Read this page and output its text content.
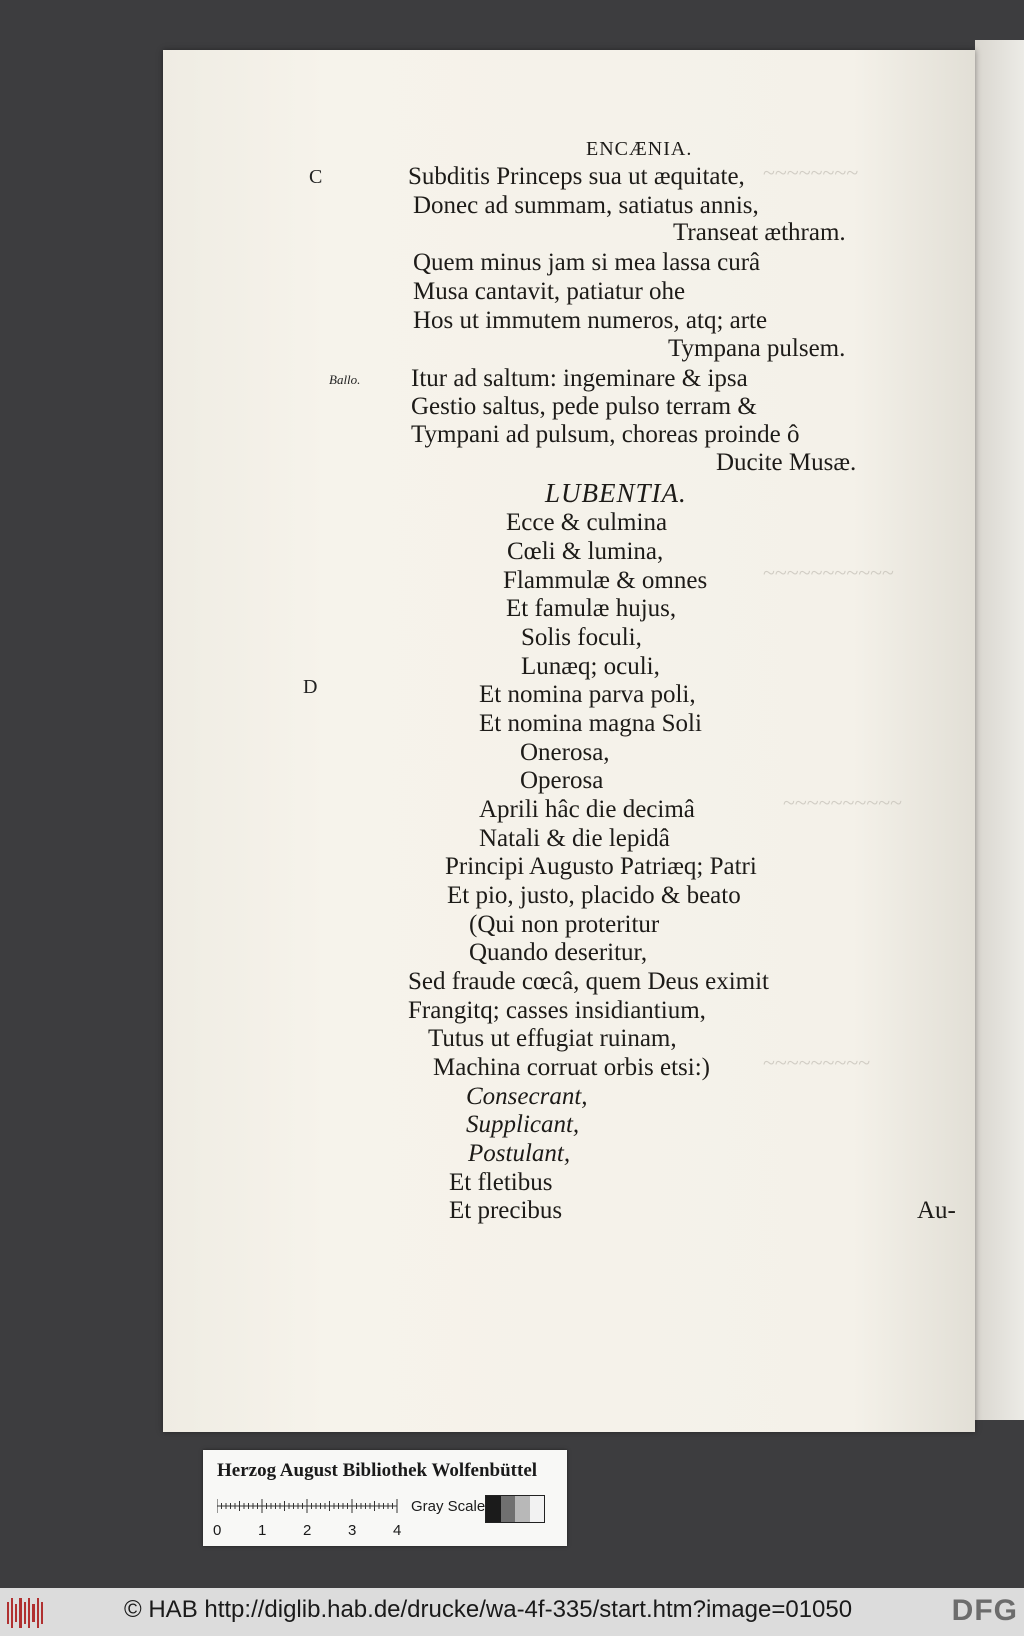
~~~~~~~~
~~~~~~~~~~~
~~~~~~~~~~
~~~~~~~~~
ENCÆNIA.
C
Ballo.
D
Subditis Princeps sua ut æquitate,
Donec ad summam, satiatus annis,
Transeat æthram.
Quem minus jam si mea lassa curâ
Musa cantavit, patiatur ohe
Hos ut immutem numeros, atq; arte
Tympana pulsem.
Itur ad saltum: ingeminare & ipsa
Gestio saltus, pede pulso terram &
Tympani ad pulsum, choreas proinde ô
Ducite Musæ.
LUBENTIA.
Ecce & culmina
Cœli & lumina,
Flammulæ & omnes
Et famulæ hujus,
Solis foculi,
Lunæq; oculi,
Et nomina parva poli,
Et nomina magna Soli
Onerosa,
Operosa
Aprili hâc die decimâ
Natali & die lepidâ
Principi Augusto Patriæq; Patri
Et pio, justo, placido & beato
(Qui non proteritur
Quando deseritur,
Sed fraude cœcâ, quem Deus eximit
Frangitq; casses insidiantium,
Tutus ut effugiat ruinam,
Machina corruat orbis etsi:)
Consecrant,
Supplicant,
Postulant,
Et fletibus
Et precibus	Au-
Herzog August Bibliothek Wolfenbüttel
Gray Scale
0 1 2 3 4
© HAB http://diglib.hab.de/drucke/wa-4f-335/start.htm?image=01050	DFG
